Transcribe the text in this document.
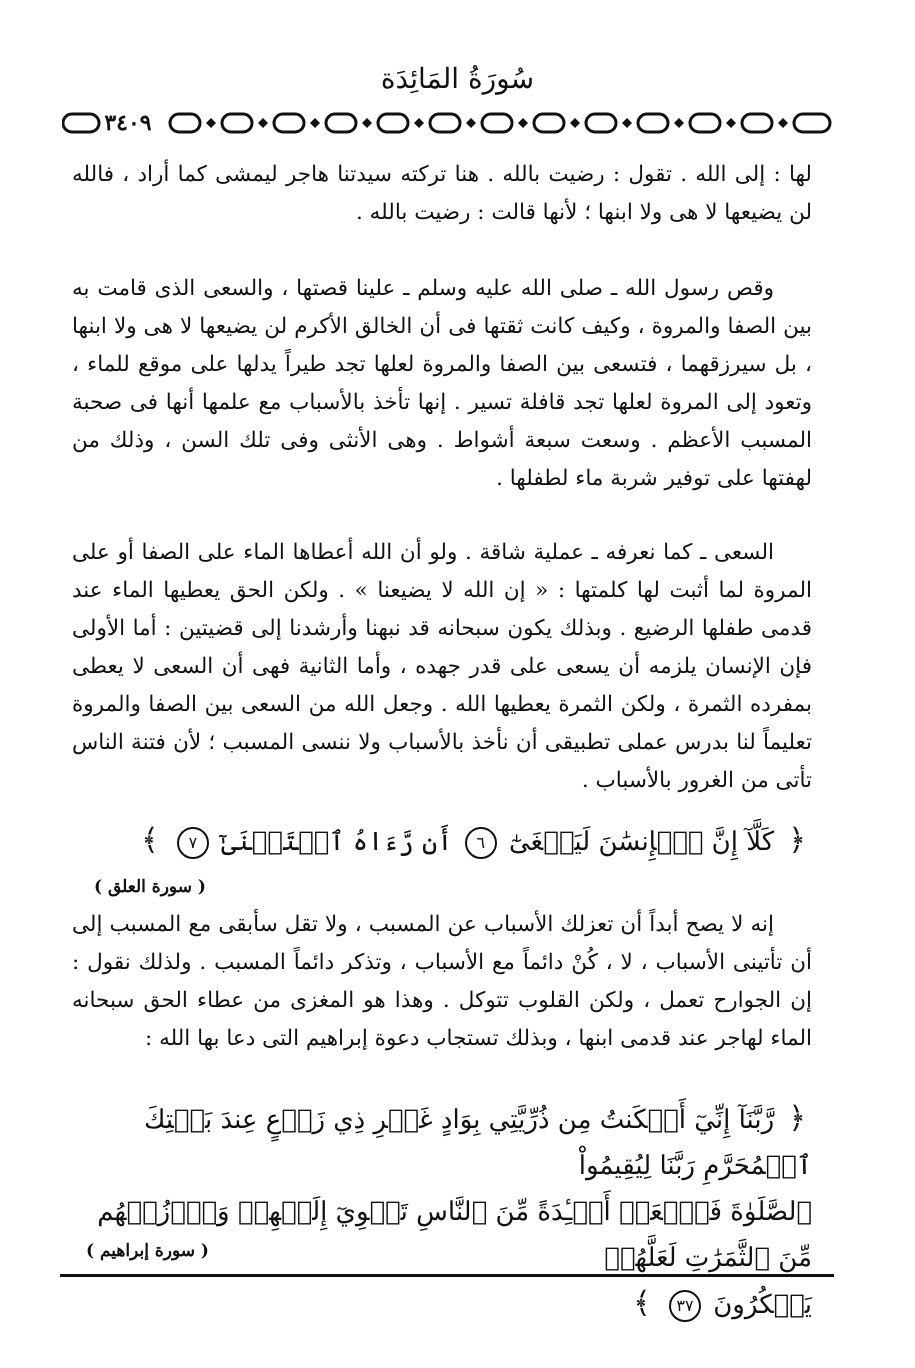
سُورَةُ المَائِدَة
٣٤٠٩

لها : إلى الله . تقول : رضيت بالله . هنا تركته سيدتنا هاجر ليمشى كما أراد ، فالله لن يضيعها لا هى ولا ابنها ؛ لأنها قالت : رضيت بالله .

وقص رسول الله ـ صلى الله عليه وسلم ـ علينا قصتها ، والسعى الذى قامت به بين الصفا والمروة ، وكيف كانت ثقتها فى أن الخالق الأكرم لن يضيعها لا هى ولا ابنها ، بل سيرزقهما ، فتسعى بين الصفا والمروة لعلها تجد طيراً يدلها على موقع للماء ، وتعود إلى المروة لعلها تجد قافلة تسير . إنها تأخذ بالأسباب مع علمها أنها فى صحبة المسبب الأعظم . وسعت سبعة أشواط . وهى الأنثى وفى تلك السن ، وذلك من لهفتها على توفير شربة ماء لطفلها .

السعى ـ كما نعرفه ـ عملية شاقة . ولو أن الله أعطاها الماء على الصفا أو على المروة لما أثبت لها كلمتها : « إن الله لا يضيعنا » . ولكن الحق يعطيها الماء عند قدمى طفلها الرضيع . وبذلك يكون سبحانه قد نبهنا وأرشدنا إلى قضيتين : أما الأولى فإن الإنسان يلزمه أن يسعى على قدر جهده ، وأما الثانية فهى أن السعى لا يعطى بمفرده الثمرة ، ولكن الثمرة يعطيها الله . وجعل الله من السعى بين الصفا والمروة تعليماً لنا بدرس عملى تطبيقى أن نأخذ بالأسباب ولا ننسى المسبب ؛ لأن فتنة الناس تأتى من الغرور بالأسباب .

﴿ كَلَّآ إِنَّ ٱلۡإِنسَٰنَ لَيَطۡغَىٰٓ ٦ أَن رَّءَاهُ ٱسۡتَغۡنَىٰٓ ٧ ﴾
( سورة العلق )

إنه لا يصح أبداً أن تعزلك الأسباب عن المسبب ، ولا تقل سأبقى مع المسبب إلى أن تأتينى الأسباب ، لا ، كُنْ دائماً مع الأسباب ، وتذكر دائماً المسبب . ولذلك نقول : إن الجوارح تعمل ، ولكن القلوب تتوكل . وهذا هو المغزى من عطاء الحق سبحانه الماء لهاجر عند قدمى ابنها ، وبذلك تستجاب دعوة إبراهيم التى دعا بها الله :

﴿ رَّبَّنَآ إِنِّيٓ أَسۡكَنتُ مِن ذُرِّيَّتِي بِوَادٍ غَيۡرِ ذِي زَرۡعٍ عِندَ بَيۡتِكَ ٱلۡمُحَرَّمِ رَبَّنَا لِيُقِيمُواْ
ٱلصَّلَوٰةَ فَٱجۡعَلۡ أَفۡـِٔدَةً مِّنَ ٱلنَّاسِ تَهۡوِيٓ إِلَيۡهِمۡ وَٱرۡزُقۡهُم مِّنَ ٱلثَّمَرَٰتِ لَعَلَّهُمۡ
يَشۡكُرُونَ ٣٧ ﴾
( سورة إبراهيم )
